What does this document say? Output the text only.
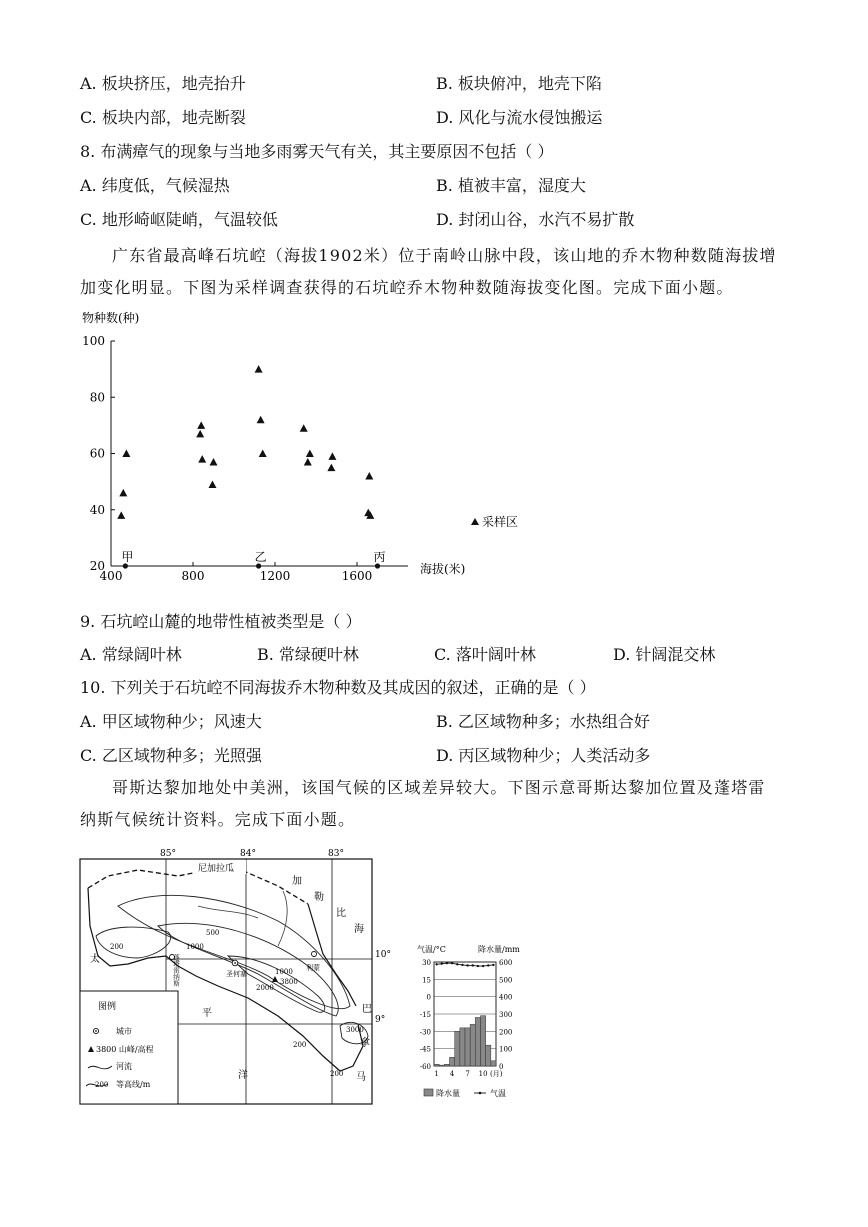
A. 板块挤压，地壳抬升	B. 板块俯冲，地壳下陷
C. 板块内部，地壳断裂	D. 风化与流水侵蚀搬运
8. 布满瘴气的现象与当地多雨雾天气有关，其主要原因不包括（ ）
A. 纬度低，气候湿热	B. 植被丰富，湿度大
C. 地形崎岖陡峭，气温较低	D. 封闭山谷，水汽不易扩散
广东省最高峰石坑崆（海拔1902米）位于南岭山脉中段，该山地的乔木物种数随海拔增加变化明显。下图为采样调查获得的石坑崆乔木物种数随海拔变化图。完成下面小题。
20
40
60
80
100
400	800	1200	1600
甲	乙	丙
物种数(种)
海拔(米)
采样区
9. 石坑崆山麓的地带性植被类型是（ ）
A. 常绿阔叶林	B. 常绿硬叶林	C. 落叶阔叶林	D. 针阔混交林
10. 下列关于石坑崆不同海拔乔木物种数及其成因的叙述，正确的是（ ）
A. 甲区域物种少；风速大	B. 乙区域物种多；水热组合好
C. 乙区域物种多；光照强	D. 丙区域物种少；人类活动多
哥斯达黎加地处中美洲，该国气候的区域差异较大。下图示意哥斯达黎加位置及蓬塔雷纳斯气候统计资料。完成下面小题。
85°	84°	83°
10°
9°
200
500
1000
2000
1000
200
3000
200
圣何塞
利蒙
蓬塔雷纳斯	3800
尼加拉瓜
加
勒
比
海
太
平
洋
巴
拿
马
图例
城市
3800 山峰/高程
河流
200 等高线/m
气温/°C	降水量/mm
30	600
15	500
0	400
-15	300
-30	200
-45	100
-60	0
1 4 7 10 (月)
降水量	气温
